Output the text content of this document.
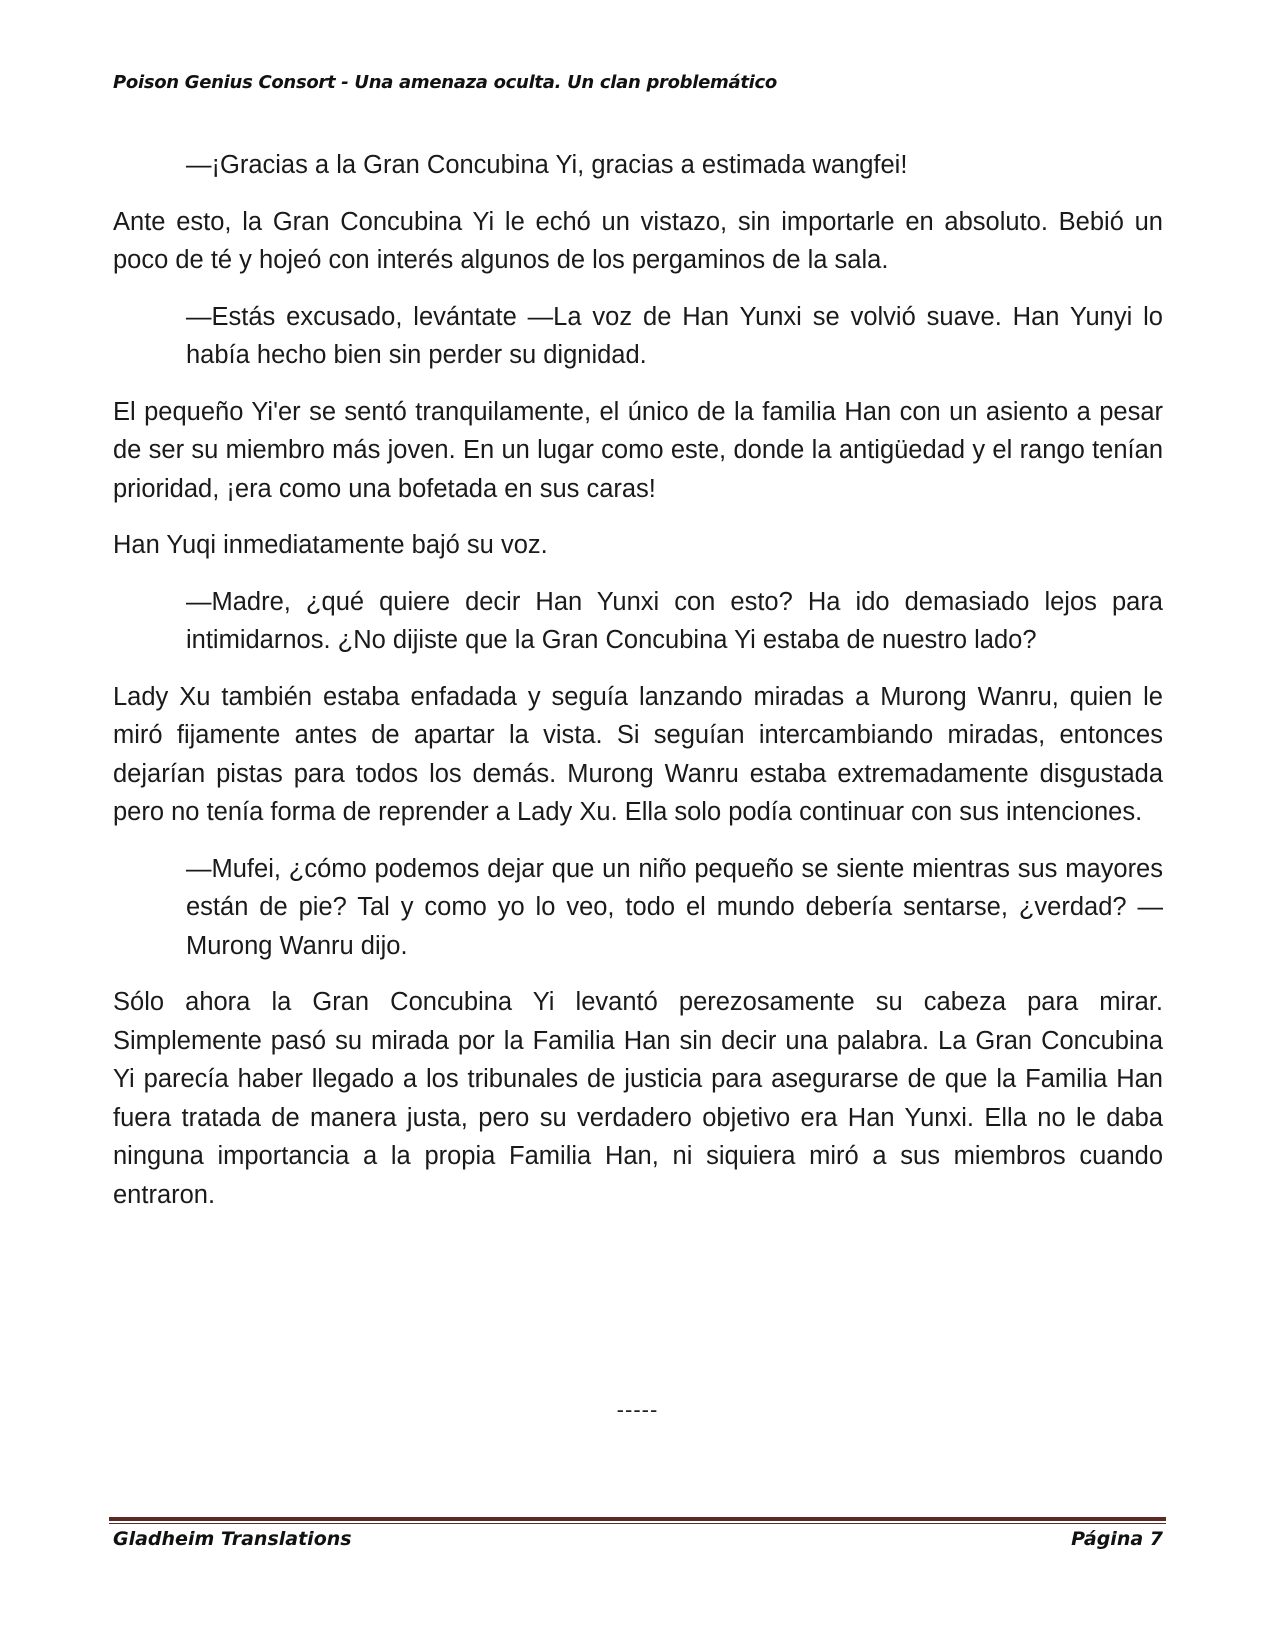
Poison Genius Consort - Una amenaza oculta. Un clan problemático

—¡Gracias a la Gran Concubina Yi, gracias a estimada wangfei!

Ante esto, la Gran Concubina Yi le echó un vistazo, sin importarle en absoluto. Bebió un poco de té y hojeó con interés algunos de los pergaminos de la sala.

—Estás excusado, levántate —La voz de Han Yunxi se volvió suave. Han Yunyi lo había hecho bien sin perder su dignidad.

El pequeño Yi'er se sentó tranquilamente, el único de la familia Han con un asiento a pesar de ser su miembro más joven. En un lugar como este, donde la antigüedad y el rango tenían prioridad, ¡era como una bofetada en sus caras!

Han Yuqi inmediatamente bajó su voz.

—Madre, ¿qué quiere decir Han Yunxi con esto? Ha ido demasiado lejos para intimidarnos. ¿No dijiste que la Gran Concubina Yi estaba de nuestro lado?

Lady Xu también estaba enfadada y seguía lanzando miradas a Murong Wanru, quien le miró fijamente antes de apartar la vista. Si seguían intercambiando miradas, entonces dejarían pistas para todos los demás. Murong Wanru estaba extremadamente disgustada pero no tenía forma de reprender a Lady Xu. Ella solo podía continuar con sus intenciones.

—Mufei, ¿cómo podemos dejar que un niño pequeño se siente mientras sus mayores están de pie? Tal y como yo lo veo, todo el mundo debería sentarse, ¿verdad? —Murong Wanru dijo.

Sólo ahora la Gran Concubina Yi levantó perezosamente su cabeza para mirar. Simplemente pasó su mirada por la Familia Han sin decir una palabra. La Gran Concubina Yi parecía haber llegado a los tribunales de justicia para asegurarse de que la Familia Han fuera tratada de manera justa, pero su verdadero objetivo era Han Yunxi. Ella no le daba ninguna importancia a la propia Familia Han, ni siquiera miró a sus miembros cuando entraron.

-----
Gladheim Translations	Página 7
